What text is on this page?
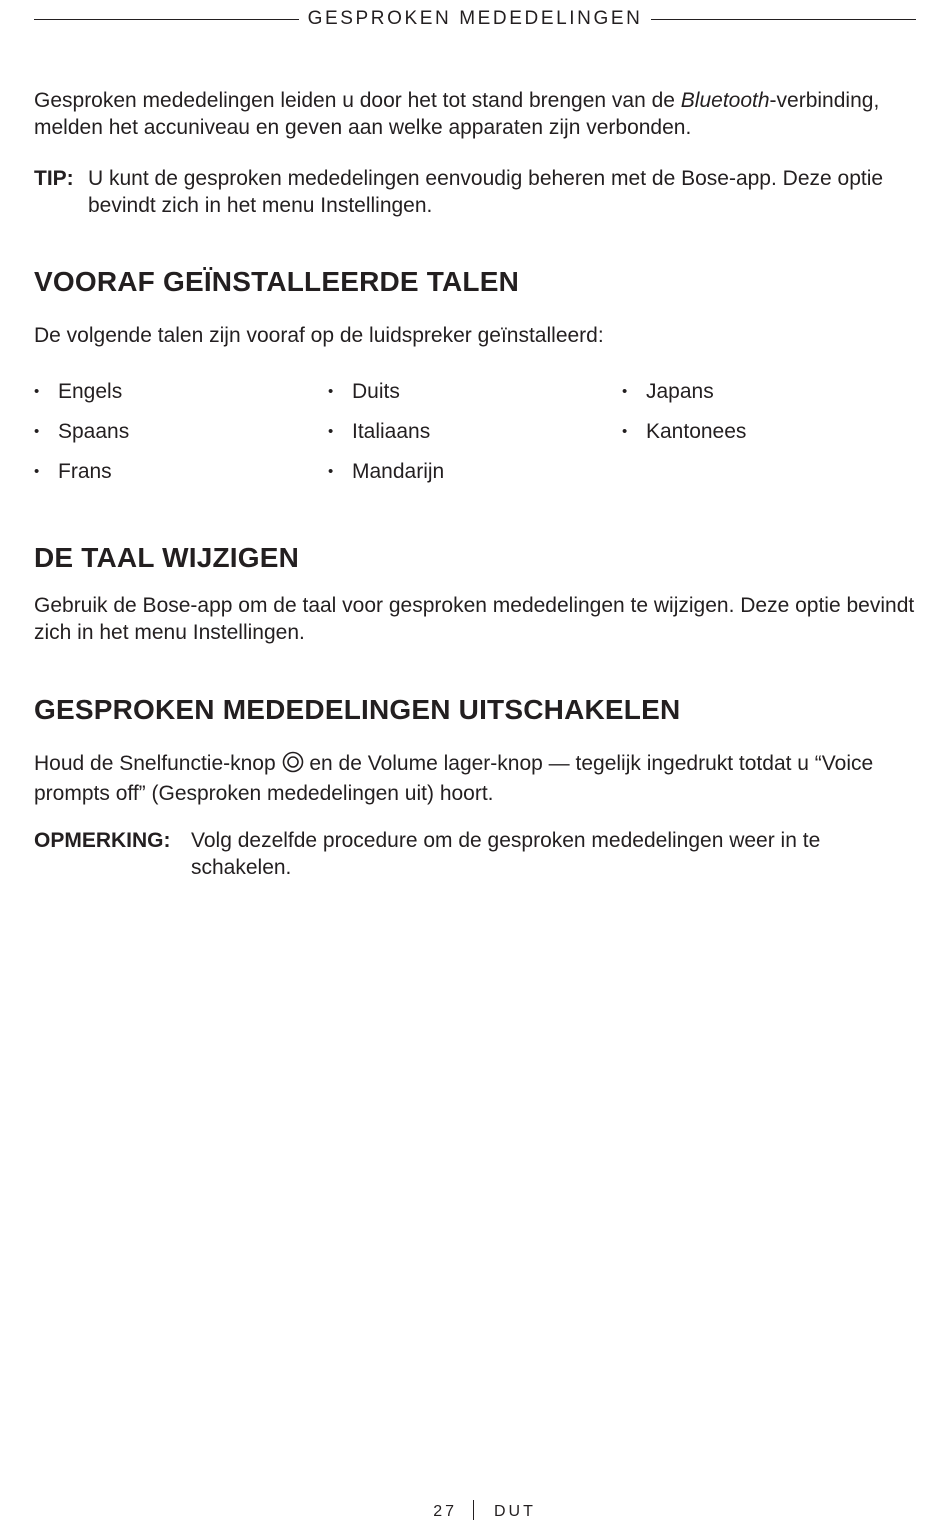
GESPROKEN MEDEDELINGEN

Gesproken mededelingen leiden u door het tot stand brengen van de Bluetooth-verbinding, melden het accuniveau en geven aan welke apparaten zijn verbonden.

TIP: U kunt de gesproken mededelingen eenvoudig beheren met de Bose-app. Deze optie bevindt zich in het menu Instellingen.
VOORAF GEÏNSTALLEERDE TALEN

De volgende talen zijn vooraf op de luidspreker geïnstalleerd:

• Engels
• Spaans
• Frans
• Duits
• Italiaans
• Mandarijn
• Japans
• Kantonees
DE TAAL WIJZIGEN

Gebruik de Bose-app om de taal voor gesproken mededelingen te wijzigen. Deze optie bevindt zich in het menu Instellingen.

GESPROKEN MEDEDELINGEN UITSCHAKELEN

Houd de Snelfunctie-knop  en de Volume lager-knop — tegelijk ingedrukt totdat u “Voice prompts off” (Gesproken mededelingen uit) hoort.

OPMERKING: Volg dezelfde procedure om de gesproken mededelingen weer in te schakelen.
27 DUT
